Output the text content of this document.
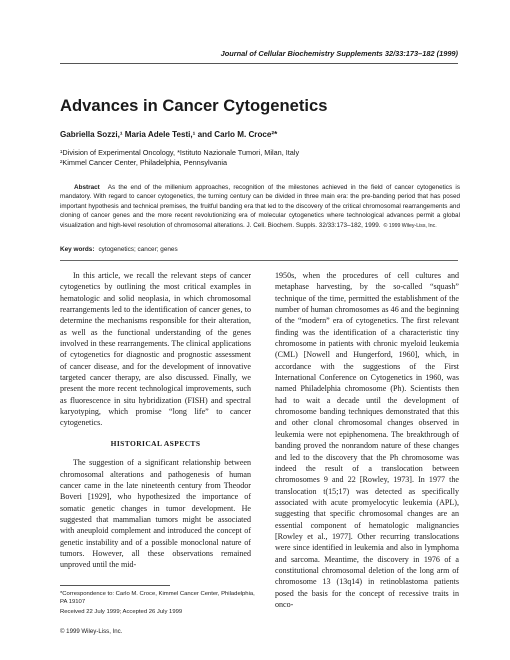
Journal of Cellular Biochemistry Supplements 32/33:173–182 (1999)
Advances in Cancer Cytogenetics
Gabriella Sozzi,¹ Maria Adele Testi,¹ and Carlo M. Croce²*
¹Division of Experimental Oncology, *Istituto Nazionale Tumori, Milan, Italy
²Kimmel Cancer Center, Philadelphia, Pennsylvania
Abstract As the end of the millenium approaches, recognition of the milestones achieved in the field of cancer cytogenetics is mandatory. With regard to cancer cytogenetics, the turning century can be divided in three main era: the pre-banding period that has posed important hypothesis and technical premises, the fruitful banding era that led to the discovery of the critical chromosomal rearrangements and cloning of cancer genes and the more recent revolutionizing era of molecular cytogenetics where technological advances permit a global visualization and high-level resolution of chromosomal alterations. J. Cell. Biochem. Suppls. 32/33:173–182, 1999. © 1999 Wiley-Liss, Inc.
Key words: cytogenetics; cancer; genes

In this article, we recall the relevant steps of cancer cytogenetics by outlining the most critical examples in hematologic and solid neoplasia, in which chromosomal rearrangements led to the identification of cancer genes, to determine the mechanisms responsible for their alteration, as well as the functional understanding of the genes involved in these rearrangements. The clinical applications of cytogenetics for diagnostic and prognostic assessment of cancer disease, and for the development of innovative targeted cancer therapy, are also discussed. Finally, we present the more recent technological improvements, such as fluorescence in situ hybridization (FISH) and spectral karyotyping, which promise “long life” to cancer cytogenetics.

HISTORICAL ASPECTS

The suggestion of a significant relationship between chromosomal alterations and pathogenesis of human cancer came in the late nineteenth century from Theodor Boveri [1929], who hypothesized the importance of somatic genetic changes in tumor development. He suggested that mammalian tumors might be associated with aneuploid complement and introduced the concept of genetic instability and of a possible monoclonal nature of tumors. However, all these observations remained unproved until the mid-

1950s, when the procedures of cell cultures and metaphase harvesting, by the so-called “squash” technique of the time, permitted the establishment of the number of human chromosomes as 46 and the beginning of the “modern” era of cytogenetics. The first relevant finding was the identification of a characteristic tiny chromosome in patients with chronic myeloid leukemia (CML) [Nowell and Hungerford, 1960], which, in accordance with the suggestions of the First International Conference on Cytogenetics in 1960, was named Philadelphia chromosome (Ph). Scientists then had to wait a decade until the development of chromosome banding techniques demonstrated that this and other clonal chromosomal changes observed in leukemia were not epiphenomena. The breakthrough of banding proved the nonrandom nature of these changes and led to the discovery that the Ph chromosome was indeed the result of a translocation between chromosomes 9 and 22 [Rowley, 1973]. In 1977 the translocation t(15;17) was detected as specifically associated with acute promyelocytic leukemia (APL), suggesting that specific chromosomal changes are an essential component of hematologic malignancies [Rowley et al., 1977]. Other recurring translocations were since identified in leukemia and also in lymphoma and sarcoma. Meantime, the discovery in 1976 of a constitutional chromosomal deletion of the long arm of chromosome 13 (13q14) in retinoblastoma patients posed the basis for the concept of recessive traits in onco-

*Correspondence to: Carlo M. Croce, Kimmel Cancer Center, Philadelphia, PA 19107
Received 22 July 1999; Accepted 26 July 1999
© 1999 Wiley-Liss, Inc.
